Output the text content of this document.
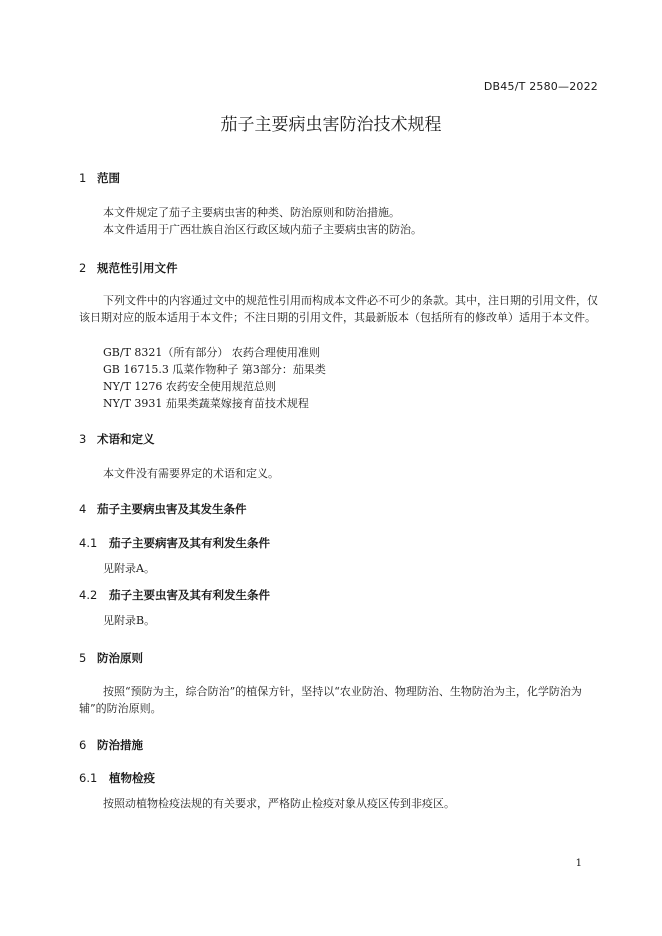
DB45/T 2580—2022
茄子主要病虫害防治技术规程
1 范围
本文件规定了茄子主要病虫害的种类、防治原则和防治措施。
本文件适用于广西壮族自治区行政区域内茄子主要病虫害的防治。
2 规范性引用文件
下列文件中的内容通过文中的规范性引用而构成本文件必不可少的条款。其中，注日期的引用文件，仅该日期对应的版本适用于本文件；不注日期的引用文件，其最新版本（包括所有的修改单）适用于本文件。
GB/T 8321（所有部分） 农药合理使用准则
GB 16715.3 瓜菜作物种子 第3部分：茄果类
NY/T 1276 农药安全使用规范总则
NY/T 3931 茄果类蔬菜嫁接育苗技术规程
3 术语和定义
本文件没有需要界定的术语和定义。
4 茄子主要病虫害及其发生条件
4.1 茄子主要病害及其有利发生条件
见附录A。
4.2 茄子主要虫害及其有利发生条件
见附录B。
5 防治原则
按照“预防为主，综合防治”的植保方针，坚持以“农业防治、物理防治、生物防治为主，化学防治为辅”的防治原则。
6 防治措施
6.1 植物检疫
按照动植物检疫法规的有关要求，严格防止检疫对象从疫区传到非疫区。
1
